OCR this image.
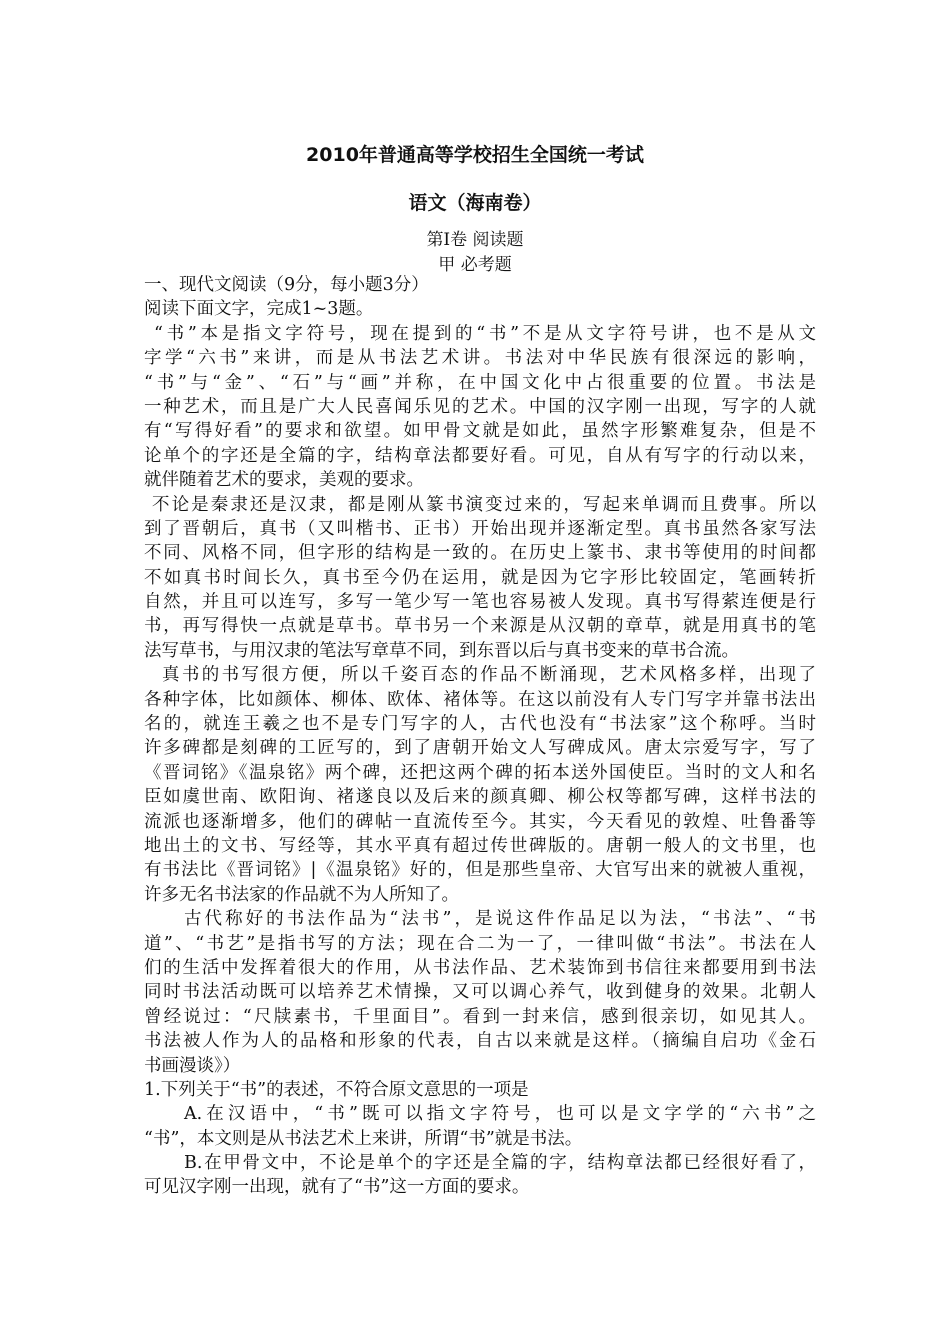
2010年普通高等学校招生全国统一考试
语文（海南卷）
第I卷 阅读题
甲 必考题
一、现代文阅读（9分，每小题3分）
阅读下面文字，完成1~3题。
“书”本是指文字符号，现在提到的“书”不是从文字符号讲，也不是从文
字学“六书”来讲，而是从书法艺术讲。书法对中华民族有很深远的影响，
“书”与“金”、“石”与“画”并称，在中国文化中占很重要的位置。书法是
一种艺术，而且是广大人民喜闻乐见的艺术。中国的汉字刚一出现，写字的人就
有“写得好看”的要求和欲望。如甲骨文就是如此，虽然字形繁难复杂，但是不
论单个的字还是全篇的字，结构章法都要好看。可见，自从有写字的行动以来，
就伴随着艺术的要求，美观的要求。
不论是秦隶还是汉隶，都是刚从篆书演变过来的，写起来单调而且费事。所以
到了晋朝后，真书（又叫楷书、正书）开始出现并逐渐定型。真书虽然各家写法
不同、风格不同，但字形的结构是一致的。在历史上篆书、隶书等使用的时间都
不如真书时间长久，真书至今仍在运用，就是因为它字形比较固定，笔画转折
自然，并且可以连写，多写一笔少写一笔也容易被人发现。真书写得萦连便是行
书，再写得快一点就是草书。草书另一个来源是从汉朝的章草，就是用真书的笔
法写草书，与用汉隶的笔法写章草不同，到东晋以后与真书变来的草书合流。
真书的书写很方便，所以千姿百态的作品不断涌现，艺术风格多样，出现了
各种字体，比如颜体、柳体、欧体、褚体等。在这以前没有人专门写字并靠书法出
名的，就连王羲之也不是专门写字的人，古代也没有“书法家”这个称呼。当时
许多碑都是刻碑的工匠写的，到了唐朝开始文人写碑成风。唐太宗爱写字，写了
《晋词铭》《温泉铭》两个碑，还把这两个碑的拓本送外国使臣。当时的文人和名
臣如虞世南、欧阳询、褚遂良以及后来的颜真卿、柳公权等都写碑，这样书法的
流派也逐渐增多，他们的碑帖一直流传至今。其实，今天看见的敦煌、吐鲁番等
地出土的文书、写经等，其水平真有超过传世碑版的。唐朝一般人的文书里，也
有书法比《晋词铭》|《温泉铭》好的，但是那些皇帝、大官写出来的就被人重视，
许多无名书法家的作品就不为人所知了。
古代称好的书法作品为“法书”，是说这件作品足以为法，“书法”、“书
道”、“书艺”是指书写的方法；现在合二为一了，一律叫做“书法”。书法在人
们的生活中发挥着很大的作用，从书法作品、艺术装饰到书信往来都要用到书法
同时书法活动既可以培养艺术情操，又可以调心养气，收到健身的效果。北朝人
曾经说过：“尺牍素书，千里面目”。看到一封来信，感到很亲切，如见其人。
书法被人作为人的品格和形象的代表，自古以来就是这样。（摘编自启功《金石
书画漫谈》）
1.下列关于“书”的表述，不符合原文意思的一项是
A.在汉语中，“书”既可以指文字符号，也可以是文字学的“六书”之
“书”，本文则是从书法艺术上来讲，所谓“书”就是书法。
B.在甲骨文中，不论是单个的字还是全篇的字，结构章法都已经很好看了，
可见汉字刚一出现，就有了“书”这一方面的要求。
